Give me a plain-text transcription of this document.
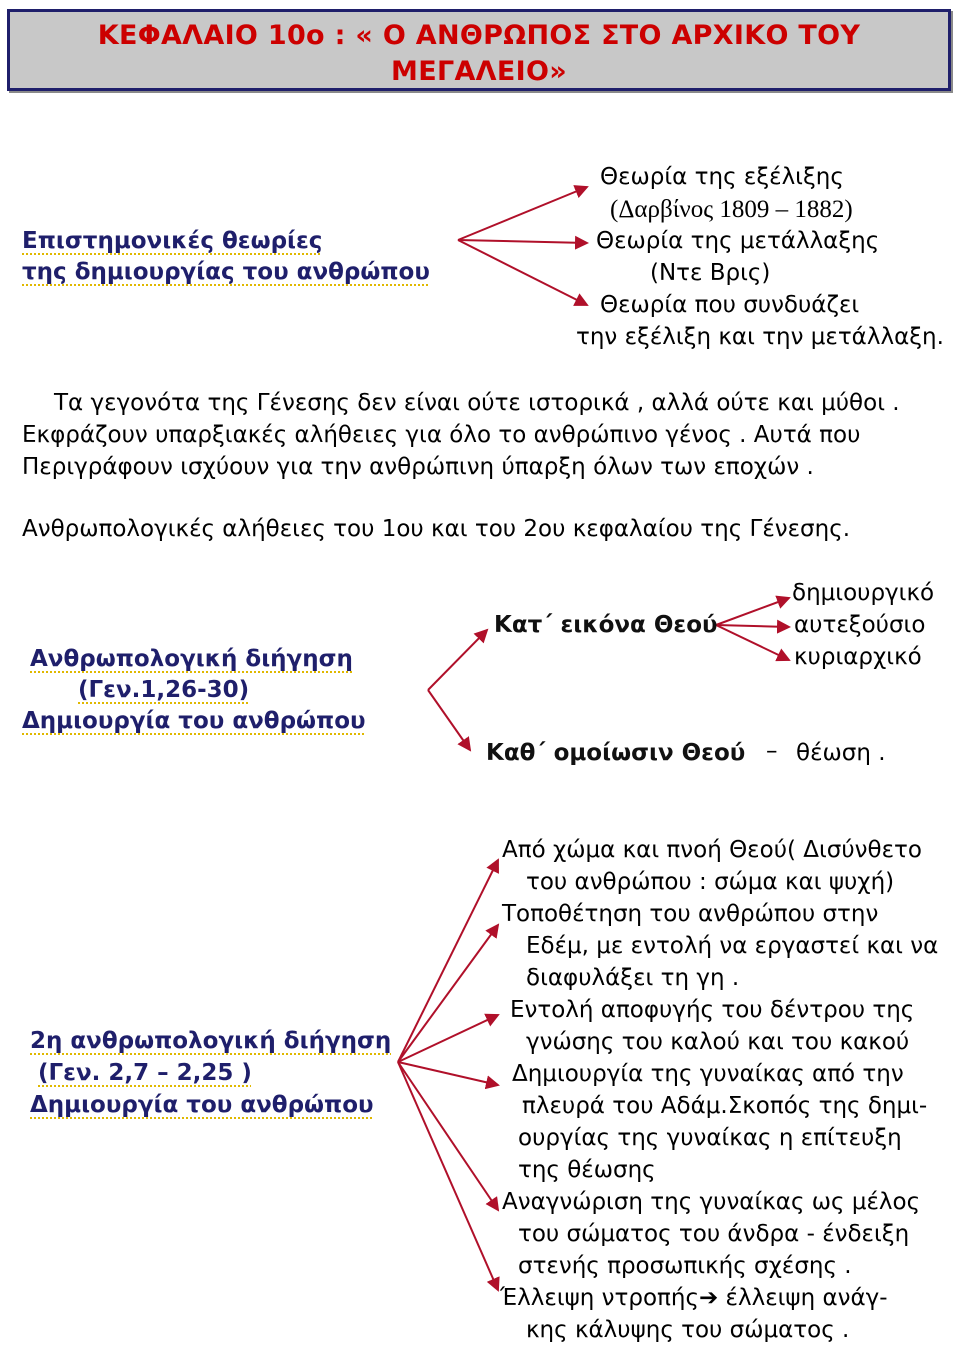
ΚΕΦΑΛΑΙΟ 10ο : « Ο ΑΝΘΡΩΠΟΣ ΣΤΟ ΑΡΧΙΚΟ ΤΟΥ
ΜΕΓΑΛΕΙΟ»
Επιστημονικές θεωρίες
της δημιουργίας του ανθρώπου
Θεωρία της εξέλιξης
(Δαρβίνος 1809 – 1882)
Θεωρία της μετάλλαξης
(Ντε Βρις)
Θεωρία που συνδυάζει
την εξέλιξη και την μετάλλαξη.
Τα γεγονότα της Γένεσης δεν είναι ούτε ιστορικά , αλλά ούτε και μύθοι .
Εκφράζουν υπαρξιακές αλήθειες για όλο το ανθρώπινο γένος . Αυτά που
Περιγράφουν ισχύουν για την ανθρώπινη ύπαρξη όλων των εποχών .
Ανθρωπολογικές αλήθειες του 1ου και του 2ου κεφαλαίου της Γένεσης.
Ανθρωπολογική διήγηση
(Γεν.1,26-30)
Δημιουργία του ανθρώπου
Κατ΄ εικόνα Θεού
δημιουργικό
αυτεξούσιο
κυριαρχικό
Καθ΄ ομοίωσιν Θεού – θέωση .
2η ανθρωπολογική διήγηση
(Γεν. 2,7 – 2,25 )
Δημιουργία του ανθρώπου
Από χώμα και πνοή Θεού( Δισύνθετο
του ανθρώπου : σώμα και ψυχή)
Τοποθέτηση του ανθρώπου στην
Εδέμ, με εντολή να εργαστεί και να
διαφυλάξει τη γη .
Εντολή αποφυγής του δέντρου της
γνώσης του καλού και του κακού
Δημιουργία της γυναίκας από την
πλευρά του Αδάμ.Σκοπός της δημι-
ουργίας της γυναίκας η επίτευξη
της θέωσης
Αναγνώριση της γυναίκας ως μέλος
του σώματος του άνδρα - ένδειξη
στενής προσωπικής σχέσης .
Έλλειψη ντροπής➔ έλλειψη ανάγ-
κης κάλυψης του σώματος .
